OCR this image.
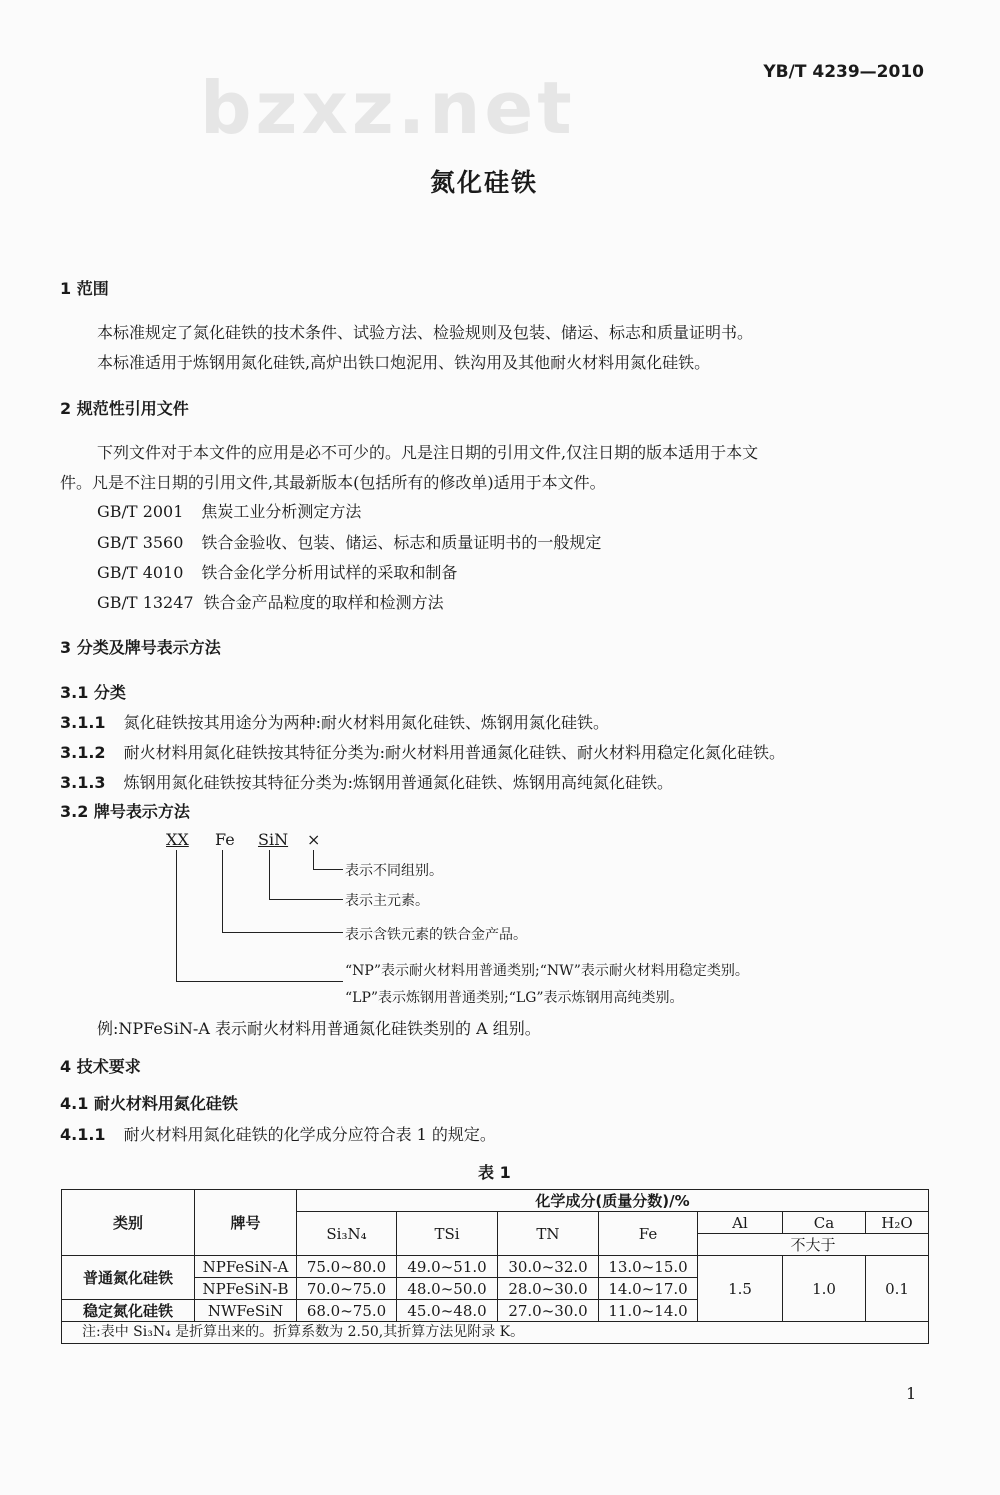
YB/T 4239—2010
bzxz.net
氮化硅铁
1 范围
本标准规定了氮化硅铁的技术条件、试验方法、检验规则及包装、储运、标志和质量证明书。
本标准适用于炼钢用氮化硅铁,高炉出铁口炮泥用、铁沟用及其他耐火材料用氮化硅铁。
2 规范性引用文件
下列文件对于本文件的应用是必不可少的。凡是注日期的引用文件,仅注日期的版本适用于本文
件。凡是不注日期的引用文件,其最新版本(包括所有的修改单)适用于本文件。
GB/T 2001 焦炭工业分析测定方法
GB/T 3560 铁合金验收、包装、储运、标志和质量证明书的一般规定
GB/T 4010 铁合金化学分析用试样的采取和制备
GB/T 13247 铁合金产品粒度的取样和检测方法
3 分类及牌号表示方法
3.1 分类
3.1.1 氮化硅铁按其用途分为两种:耐火材料用氮化硅铁、炼钢用氮化硅铁。
3.1.2 耐火材料用氮化硅铁按其特征分类为:耐火材料用普通氮化硅铁、耐火材料用稳定化氮化硅铁。
3.1.3 炼钢用氮化硅铁按其特征分类为:炼钢用普通氮化硅铁、炼钢用高纯氮化硅铁。
3.2 牌号表示方法
XX Fe SiN ×
表示不同组别。
表示主元素。
表示含铁元素的铁合金产品。
“NP”表示耐火材料用普通类别;“NW”表示耐火材料用稳定类别。
“LP”表示炼钢用普通类别;“LG”表示炼钢用高纯类别。
例:NPFeSiN-A 表示耐火材料用普通氮化硅铁类别的 A 组别。
4 技术要求
4.1 耐火材料用氮化硅铁
4.1.1 耐火材料用氮化硅铁的化学成分应符合表 1 的规定。
表 1
类别	牌号	化学成分(质量分数)/%						
		Si₃N₄	TSi	TN	Fe	Al	Ca	H₂O
						不大于		
普通氮化硅铁	NPFeSiN-A	75.0~80.0	49.0~51.0	30.0~32.0	13.0~15.0	1.5	1.0	0.1
	NPFeSiN-B	70.0~75.0	48.0~50.0	28.0~30.0	14.0~17.0			
稳定氮化硅铁	NWFeSiN	68.0~75.0	45.0~48.0	27.0~30.0	11.0~14.0			
注:表中 Si₃N₄ 是折算出来的。折算系数为 2.50,其折算方法见附录 K。								
1
